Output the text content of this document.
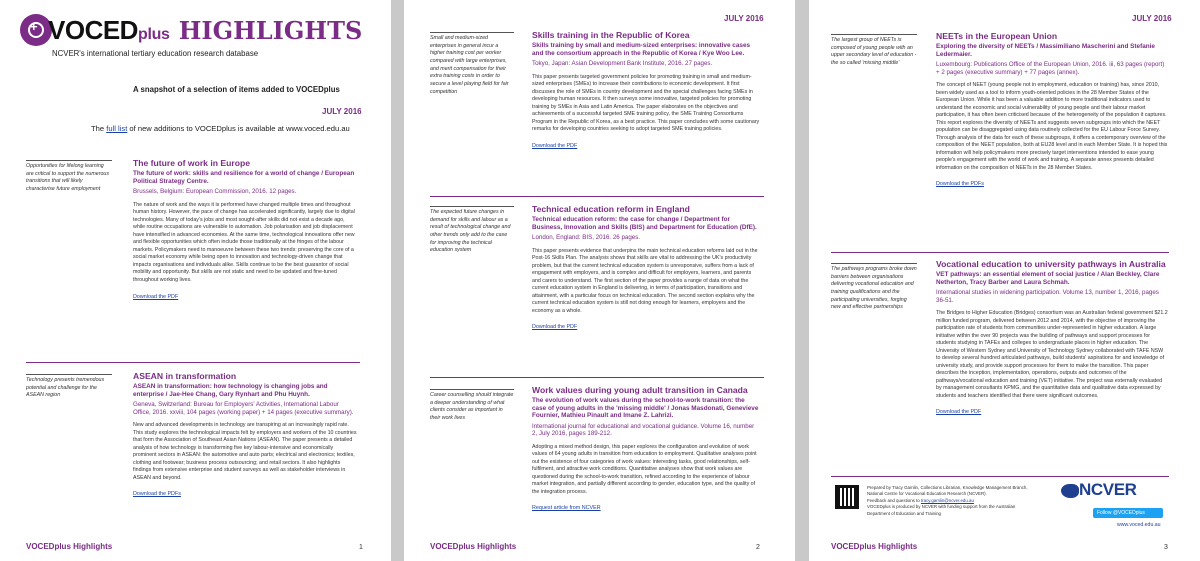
+ VOCEDplus HIGHLIGHTS
NCVER's international tertiary education research database
A snapshot of a selection of items added to VOCEDplus
JULY 2016
The full list of new additions to VOCEDplus is available at www.voced.edu.au
Opportunities for lifelong learning are critical to support the numerous transitions that will likely characterise future employment
The future of work in Europe
The future of work: skills and resilience for a world of change / European Political Strategy Centre.
Brussels, Belgium: European Commission, 2016. 12 pages.
The nature of work and the ways it is performed have changed multiple times and throughout human history. However, the pace of change has accelerated significantly, largely due to digital technologies. Many of today's jobs and most sought-after skills did not exist a decade ago, while routine occupations are vulnerable to automation. Job polarisation and job displacement have intensified in advanced economies. At the same time, technological innovations offer new and flexible opportunities which often include those traditionally at the fringes of the labour markets. Policymakers need to manoeuvre between these two trends: preserving the core of a social market economy while being open to innovation and technology-driven change that impacts organisations and individuals alike. Skills continue to be the best guarantor of social mobility and opportunity. But skills are not static and need to be updated and fine-tuned throughout working lives.
Download the PDF
Technology presents tremendous potential and challenge for the ASEAN region
ASEAN in transformation
ASEAN in transformation: how technology is changing jobs and enterprise / Jae-Hee Chang, Gary Rynhart and Phu Huynh.
Geneva, Switzerland: Bureau for Employers' Activities, International Labour Office, 2016. xxviii, 104 pages (working paper) + 14 pages (executive summary).
New and advanced developments in technology are transpiring at an increasingly rapid rate. This study explores the technological impacts felt by employers and workers of the 10 countries that form the Association of Southeast Asian Nations (ASEAN). The paper presents a detailed analysis of how technology is transforming five key labour-intensive and economically prominent sectors in ASEAN: the automotive and auto parts; electrical and electronics; textiles, clothing and footwear; business process outsourcing; and retail sectors. It also highlights findings from extensive enterprise and student surveys as well as stakeholder interviews in ASEAN and beyond.
Download the PDFs
VOCEDplus Highlights	1
JULY 2016
Small and medium-sized enterprises in general incur a higher training cost per worker compared with large enterprises, and merit compensation for their extra training costs in order to secure a level playing field for fair competition
Skills training in the Republic of Korea
Skills training by small and medium-sized enterprises: innovative cases and the consortium approach in the Republic of Korea / Kye Woo Lee.
Tokyo, Japan: Asian Development Bank Institute, 2016. 27 pages.
This paper presents targeted government policies for promoting training in small and medium-sized enterprises (SMEs) to increase their contributions to economic development. It first discusses the role of SMEs in country development and the special challenges facing SMEs in developing human resources. It then surveys some innovative, targeted policies for promoting training by SMEs in Asia and Latin America. The paper elaborates on the objectives and achievements of a successful targeted SME training policy, the SME Training Consortiums Program in the Republic of Korea, as a best practice. This paper concludes with some cautionary remarks for developing countries seeking to adopt targeted SME training policies.
Download the PDF
The expected future changes in demand for skills and labour as a result of technological change and other trends only add to the case for improving the technical education system
Technical education reform in England
Technical education reform: the case for change / Department for Business, Innovation and Skills (BIS) and Department for Education (DfE).
London, England: BIS, 2016. 26 pages.
This paper presents evidence that underpins the main technical education reforms laid out in the Post-16 Skills Plan. The analysis shows that skills are vital to addressing the UK's productivity problem, but that the current technical education system is unresponsive, suffers from a lack of engagement with employers, and is complex and difficult for employers, learners, and parents and carers to understand. The first section of the paper provides a range of data on what the current education system in England is delivering, in terms of participation, transitions and attainment, with a particular focus on technical education. The second section explains why the current technical education system is still not doing enough for learners, employers and the economy as a whole.
Download the PDF
Career counselling should integrate a deeper understanding of what clients consider as important in their work lives
Work values during young adult transition in Canada
The evolution of work values during the school-to-work transition: the case of young adults in the 'missing middle' / Jonas Masdonati, Genevieve Fournier, Mathieu Pinault and Imane Z. Lahrizi.
International journal for educational and vocational guidance. Volume 16, number 2, July 2016, pages 189-212.
Adopting a mixed method design, this paper explores the configuration and evolution of work values of 64 young adults in transition from education to employment. Qualitative analyses point out the existence of four categories of work values: interesting tasks, good relationships, self-fulfilment, and attractive work conditions. Quantitative analyses show that work values are questioned during the school-to-work transition, refined according to the experience of labour market integration, and partially different according to gender, education type, and the quality of the integration process.
Request article from NCVER
VOCEDplus Highlights	2
JULY 2016
The largest group of NEETs is composed of young people with an upper secondary level of education - the so called 'missing middle'
NEETs in the European Union
Exploring the diversity of NEETs / Massimiliano Mascherini and Stefanie Ledermaier.
Luxembourg: Publications Office of the European Union, 2016. iii, 63 pages (report) + 2 pages (executive summary) + 77 pages (annex).
The concept of NEET (young people not in employment, education or training) has, since 2010, been widely used as a tool to inform youth-oriented policies in the 28 Member States of the European Union. While it has been a valuable addition to more traditional indicators used to understand the economic and social vulnerability of young people and their labour market participation, it has often been criticised because of the heterogeneity of the population it captures. This report explores the diversity of NEETs and suggests seven subgroups into which the NEET population can be disaggregated using data routinely collected for the EU Labour Force Survey. Through analysis of the data for each of these subgroups, it offers a contemporary overview of the composition of the NEET population, both at EU28 level and in each Member State. It is hoped this information will help policymakers more precisely target interventions intended to ease young people's engagement with the world of work and training. A separate annex presents detailed information on the composition of NEETs in the 28 Member States.
Download the PDFs
The pathways programs broke down barriers between organisations delivering vocational education and training qualifications and the participating universities, forging new and effective partnerships
Vocational education to university pathways in Australia
VET pathways: an essential element of social justice / Alan Beckley, Clare Netherton, Tracy Barber and Laura Schmah.
International studies in widening participation. Volume 13, number 1, 2016, pages 36-51.
The Bridges to Higher Education (Bridges) consortium was an Australian federal government $21.2 million funded program, delivered between 2012 and 2014, with the objective of improving the participation rate of students from communities under-represented in higher education. A large initiative within the over 90 projects was the building of pathways and support processes for students studying in TAFEs and colleges to undergraduate places in higher education. The University of Western Sydney and University of Technology Sydney collaborated with TAFE NSW to develop several hundred articulated pathways, build students' aspirations for and knowledge of university study, and provide support processes for them to make the transition. This paper describes the inception, implementation, operations, outputs and outcomes of the pathways/vocational education and training (VET) initiative. The project was externally evaluated by management consultants KPMG, and the quantitative data and qualitative data expressed by students and teachers identified that there were significant outcomes.
Download the PDF
Prepared by Tracy Gamlin, Collections Librarian, Knowledge Management Branch, National Centre for Vocational Education Research (NCVER).
Feedback and questions to tracy.gamlin@ncver.edu.au
VOCEDplus is produced by NCVER with funding support from the Australian Department of Education and Training
NCVER
Follow @VOCEDplus
www.voced.edu.au
VOCEDplus Highlights	3
